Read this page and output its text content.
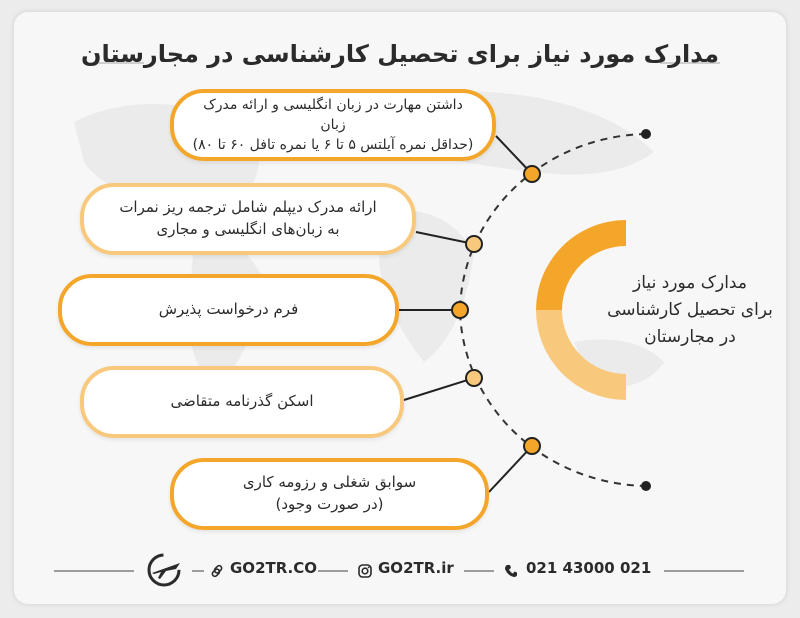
مدارک مورد نیاز برای تحصیل کارشناسی در مجارستان
مدارک مورد نیاز
برای تحصیل کارشناسی
در مجارستان
داشتن مهارت در زبان انگلیسی و ارائه مدرک زبان
(حداقل نمره آیلتس ۵ تا ۶ یا نمره تافل ۶۰ تا ۸۰)
ارائه مدرک دیپلم شامل ترجمه ریز نمرات
به زبان‌های انگلیسی و مجاری
فرم درخواست پذیرش
اسکن گذرنامه متقاضی
سوابق شغلی و رزومه کاری
(در صورت وجود)
GO2TR.CO	GO2TR.ir	021 43000 021
